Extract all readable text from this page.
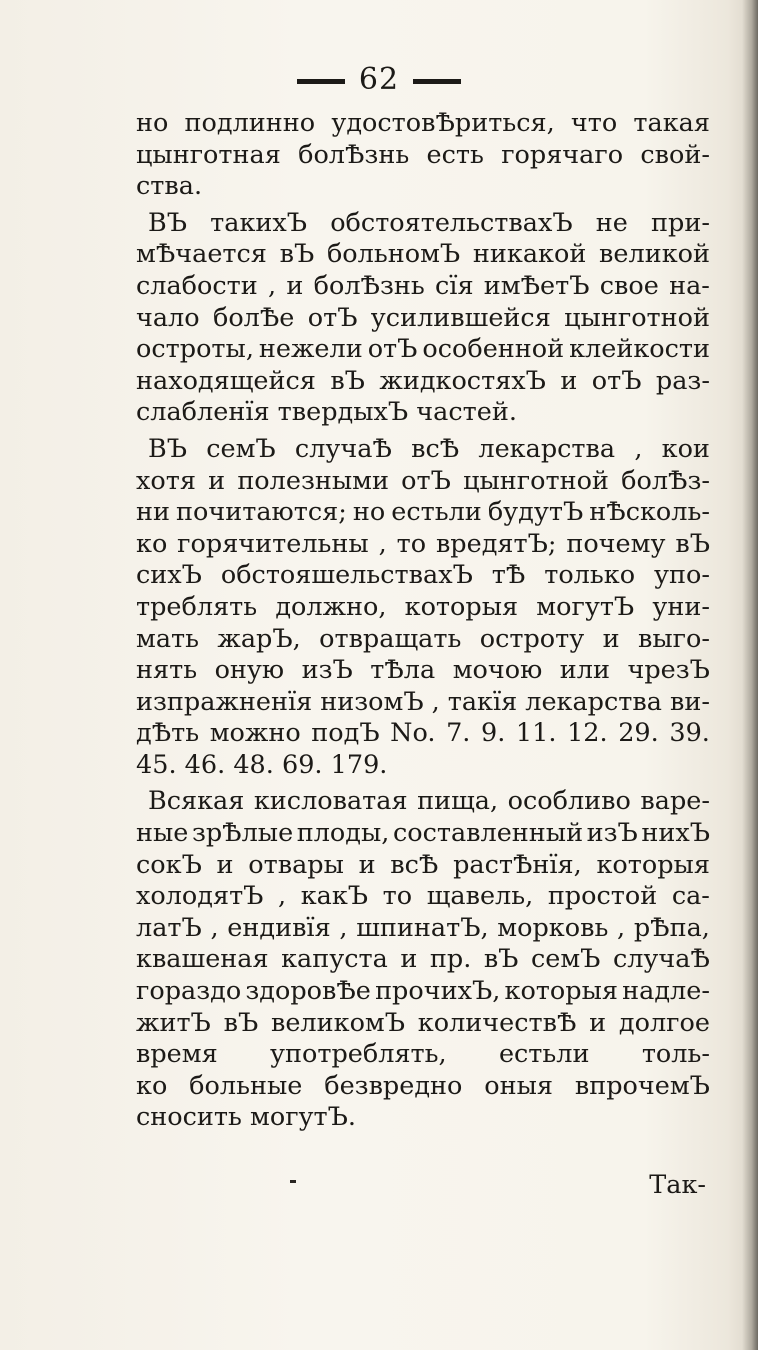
62
но подлинно удостовѢриться, что такая
цынготная болѢзнь есть горячаго свой-
ства.
ВЪ такихЪ обстоятельствахЪ не при-
мѢчается вЪ больномЪ никакой великой
слабости , и болѢзнь сїя имѢетЪ свое на-
чало болѢе отЪ усилившейся цынготной
остроты, нежели отЪ особенной клейкости
находящейся вЪ жидкостяхЪ и отЪ раз-
слабленїя твердыхЪ частей.
ВЪ семЪ случаѢ всѢ лекарства , кои
хотя и полезными отЪ цынготной болѢз-
ни почитаются; но естьли будутЪ нѢсколь-
ко горячительны , то вредятЪ; почему вЪ
сихЪ обстояшельствахЪ тѢ только упо-
треблять должно, которыя могутЪ уни-
мать жарЪ, отвращать остроту и выго-
нять оную изЪ тѢла мочою или чрезЪ
изпражненїя низомЪ , такїя лекарства ви-
дѢть можно подЪ No. 7. 9. 11. 12. 29. 39.
45. 46. 48. 69. 179.
Всякая кисловатая пища, особливо варе-
ные зрѢлые плоды, составленный изЪ нихЪ
сокЪ и отвары и всѢ растѢнїя, которыя
холодятЪ , какЪ то щавель, простой са-
латЪ , ендивїя , шпинатЪ, морковь , рѢпа,
квашеная капуста и пр. вЪ семЪ случаѢ
гораздо здоровѢе прочихЪ, которыя надле-
житЪ вЪ великомЪ количествѢ и долгое
время употреблять, естьли толь-
ко больные безвредно оныя впрочемЪ
сносить могутЪ.
Так-
